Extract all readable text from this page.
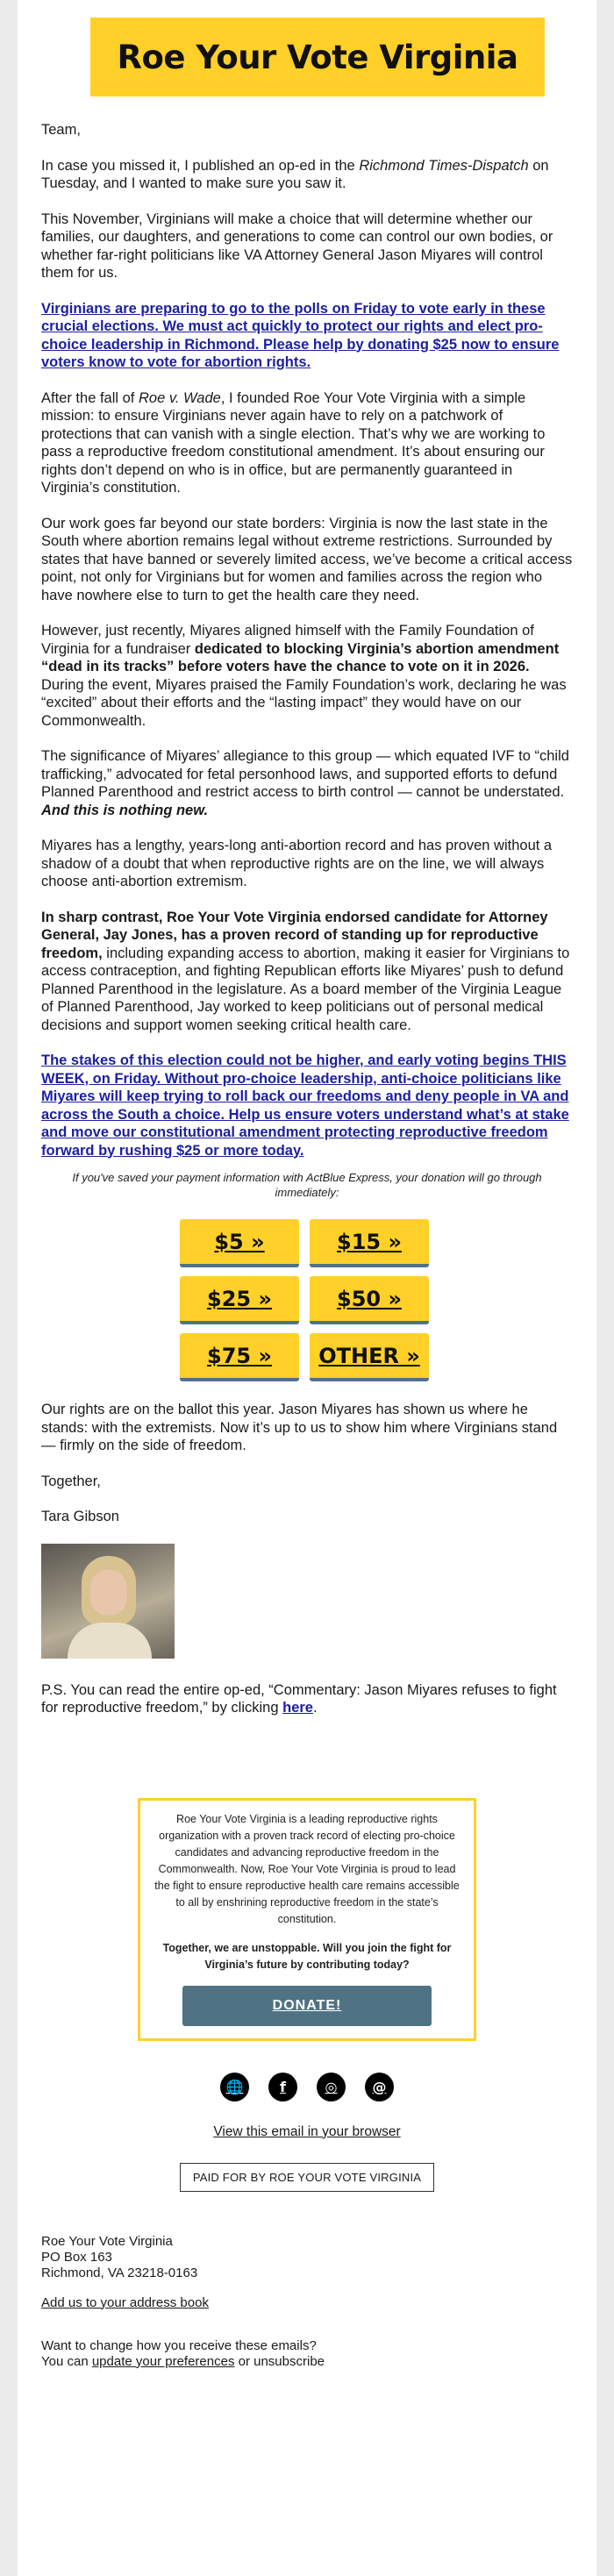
Roe Your Vote Virginia

Team,

In case you missed it, I published an op-ed in the Richmond Times-Dispatch on Tuesday, and I wanted to make sure you saw it.

This November, Virginians will make a choice that will determine whether our families, our daughters, and generations to come can control our own bodies, or whether far-right politicians like VA Attorney General Jason Miyares will control them for us.

Virginians are preparing to go to the polls on Friday to vote early in these crucial elections. We must act quickly to protect our rights and elect pro-choice leadership in Richmond. Please help by donating $25 now to ensure voters know to vote for abortion rights.

After the fall of Roe v. Wade, I founded Roe Your Vote Virginia with a simple mission: to ensure Virginians never again have to rely on a patchwork of protections that can vanish with a single election. That’s why we are working to pass a reproductive freedom constitutional amendment. It’s about ensuring our rights don’t depend on who is in office, but are permanently guaranteed in Virginia’s constitution.

Our work goes far beyond our state borders: Virginia is now the last state in the South where abortion remains legal without extreme restrictions. Surrounded by states that have banned or severely limited access, we’ve become a critical access point, not only for Virginians but for women and families across the region who have nowhere else to turn to get the health care they need.

However, just recently, Miyares aligned himself with the Family Foundation of Virginia for a fundraiser dedicated to blocking Virginia’s abortion amendment “dead in its tracks” before voters have the chance to vote on it in 2026. During the event, Miyares praised the Family Foundation’s work, declaring he was “excited” about their efforts and the “lasting impact” they would have on our Commonwealth.

The significance of Miyares’ allegiance to this group — which equated IVF to “child trafficking,” advocated for fetal personhood laws, and supported efforts to defund Planned Parenthood and restrict access to birth control — cannot be understated. And this is nothing new.

Miyares has a lengthy, years-long anti-abortion record and has proven without a shadow of a doubt that when reproductive rights are on the line, we will always choose anti-abortion extremism.

In sharp contrast, Roe Your Vote Virginia endorsed candidate for Attorney General, Jay Jones, has a proven record of standing up for reproductive freedom, including expanding access to abortion, making it easier for Virginians to access contraception, and fighting Republican efforts like Miyares’ push to defund Planned Parenthood in the legislature. As a board member of the Virginia League of Planned Parenthood, Jay worked to keep politicians out of personal medical decisions and support women seeking critical health care.

The stakes of this election could not be higher, and early voting begins THIS WEEK, on Friday. Without pro-choice leadership, anti-choice politicians like Miyares will keep trying to roll back our freedoms and deny people in VA and across the South a choice. Help us ensure voters understand what’s at stake and move our constitutional amendment protecting reproductive freedom forward by rushing $25 or more today.

If you've saved your payment information with ActBlue Express, your donation will go through immediately:
$5 »	$15 »
$25 »	$50 »
$75 »	OTHER »

Our rights are on the ballot this year. Jason Miyares has shown us where he stands: with the extremists. Now it’s up to us to show him where Virginians stand — firmly on the side of freedom.

Together,

Tara Gibson

P.S. You can read the entire op-ed, “Commentary: Jason Miyares refuses to fight for reproductive freedom,” by clicking here.

Roe Your Vote Virginia is a leading reproductive rights organization with a proven track record of electing pro-choice candidates and advancing reproductive freedom in the Commonwealth. Now, Roe Your Vote Virginia is proud to lead the fight to ensure reproductive health care remains accessible to all by enshrining reproductive freedom in the state’s constitution.

Together, we are unstoppable. Will you join the fight for Virginia’s future by contributing today?

DONATE!
🌐	f	◎	@
View this email in your browser
PAID FOR BY ROE YOUR VOTE VIRGINIA
Roe Your Vote Virginia
PO Box 163
Richmond, VA 23218-0163
Add us to your address book
Want to change how you receive these emails?
You can update your preferences or unsubscribe
